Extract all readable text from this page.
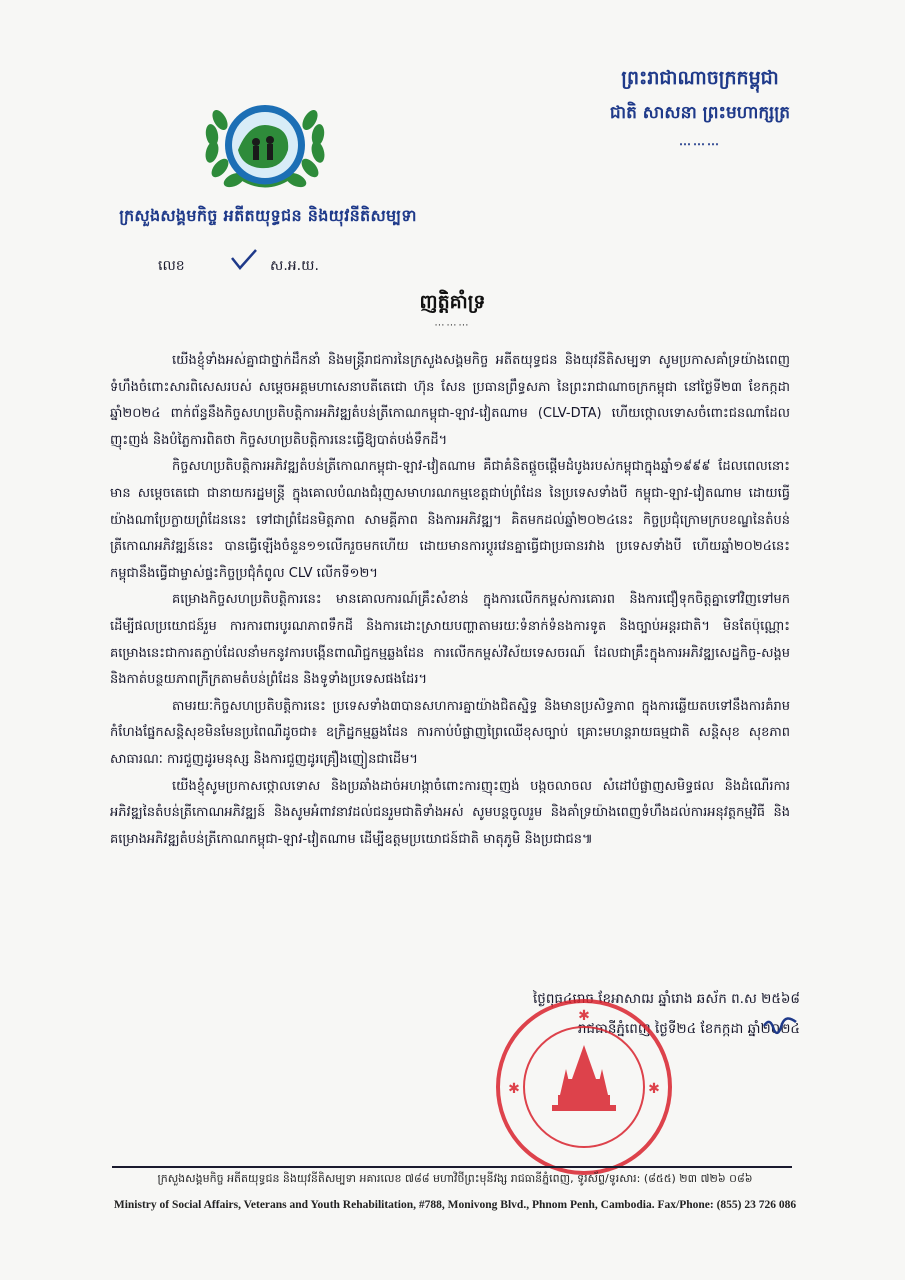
ក្រសួងសង្គមកិច្ច អតីតយុទ្ធជន និងយុវនីតិសម្បទា
ព្រះរាជាណាចក្រកម្ពុជា
ជាតិ សាសនា ព្រះមហាក្សត្រ
⋯⋯⋯
លេខ	ស.អ.យ.
ញត្តិគាំទ្រ
⋯⋯⋯

យើងខ្ញុំទាំងអស់គ្នាជាថ្នាក់ដឹកនាំ និងមន្ត្រីរាជការនៃក្រសួងសង្គមកិច្ច អតីតយុទ្ធជន និងយុវនីតិសម្បទា សូមប្រកាសគាំទ្រយ៉ាងពេញទំហឹងចំពោះសារពិសេសរបស់ សម្តេចអគ្គមហាសេនាបតីតេជោ ហ៊ុន សែន ប្រធានព្រឹទ្ធសភា នៃព្រះរាជាណាចក្រកម្ពុជា នៅថ្ងៃទី២៣ ខែកក្កដា ឆ្នាំ២០២៤ ពាក់ព័ន្ធនឹងកិច្ចសហប្រតិបត្តិការអភិវឌ្ឍតំបន់ត្រីកោណកម្ពុជា-ឡាវ-វៀតណាម (CLV-DTA) ហើយថ្កោលទោសចំពោះជនណាដែលញុះញង់ និងបំភ្លៃការពិតថា កិច្ចសហប្រតិបត្តិការនេះធ្វើឱ្យបាត់បង់ទឹកដី។

កិច្ចសហប្រតិបត្តិការអភិវឌ្ឍតំបន់ត្រីកោណកម្ពុជា-ឡាវ-វៀតណាម គឺជាគំនិតផ្តួចផ្តើមដំបូងរបស់កម្ពុជាក្នុងឆ្នាំ១៩៩៩ ដែលពេលនោះមាន សម្តេចតេជោ ជានាយករដ្ឋមន្ត្រី ក្នុងគោលបំណងជំរុញសមាហរណកម្មខេត្តជាប់ព្រំដែន នៃប្រទេសទាំងបី កម្ពុជា-ឡាវ-វៀតណាម ដោយធ្វើយ៉ាងណាប្រែក្លាយព្រំដែននេះ ទៅជាព្រំដែនមិត្តភាព សាមគ្គីភាព និងការអភិវឌ្ឍ។ គិតមកដល់ឆ្នាំ២០២៤នេះ កិច្ចប្រជុំក្រោមក្របខណ្ឌនៃតំបន់ត្រីកោណអភិវឌ្ឍន៍នេះ បានធ្វើឡើងចំនួន១១លើករួចមកហើយ ដោយមានការប្តូរវេនគ្នាធ្វើជាប្រធានរវាង ប្រទេសទាំងបី ហើយឆ្នាំ២០២៤នេះ កម្ពុជានឹងធ្វើជាម្ចាស់ផ្ទះកិច្ចប្រជុំកំពូល CLV លើកទី១២។

គម្រោងកិច្ចសហប្រតិបត្តិការនេះ មានគោលការណ៍គ្រឹះសំខាន់ ក្នុងការលើកកម្ពស់ការគោរព និងការជឿទុកចិត្តគ្នាទៅវិញទៅមក ដើម្បីផលប្រយោជន៍រួម ការការពារបូរណភាពទឹកដី និងការដោះស្រាយបញ្ហាតាមរយៈទំនាក់ទំនងការទូត និងច្បាប់អន្តរជាតិ។ មិនតែប៉ុណ្ណោះ គម្រោងនេះជាការតភ្ជាប់ដែលនាំមកនូវការបង្កើនពាណិជ្ជកម្មឆ្លងដែន ការលើកកម្ពស់វិស័យទេសចរណ៍ ដែលជាគ្រឹះក្នុងការអភិវឌ្ឍសេដ្ឋកិច្ច-សង្គម និងកាត់បន្ថយភាពក្រីក្រតាមតំបន់ព្រំដែន និងទូទាំងប្រទេសផងដែរ។

តាមរយៈកិច្ចសហប្រតិបត្តិការនេះ ប្រទេសទាំង៣បានសហការគ្នាយ៉ាងជិតស្និទ្ធ និងមានប្រសិទ្ធភាព ក្នុងការឆ្លើយតបទៅនឹងការគំរាមកំហែងផ្នែកសន្តិសុខមិនមែនប្រពៃណីដូចជា៖ ឧក្រិដ្ឋកម្មឆ្លងដែន ការកាប់បំផ្លាញព្រៃឈើខុសច្បាប់ គ្រោះមហន្តរាយធម្មជាតិ សន្តិសុខ សុខភាពសាធារណៈ ការជួញដូរមនុស្ស និងការជួញដូរគ្រឿងញៀនជាដើម។

យើងខ្ញុំសូមប្រកាសថ្កោលទោស និងប្រឆាំងដាច់អហង្កាចំពោះការញុះញង់ បង្កចលាចល សំដៅបំផ្លាញសមិទ្ធផល និងដំណើរការអភិវឌ្ឍនៃតំបន់ត្រីកោណអភិវឌ្ឍន៍ និងសូមអំពាវនាវដល់ជនរួមជាតិទាំងអស់ សូមបន្តចូលរួម និងគាំទ្រយ៉ាងពេញទំហឹងដល់ការអនុវត្តកម្មវិធី និងគម្រោងអភិវឌ្ឍតំបន់ត្រីកោណកម្ពុជា-ឡាវ-វៀតណាម ដើម្បីឧត្តមប្រយោជន៍ជាតិ មាតុភូមិ និងប្រជាជន៕

ថ្ងៃពុធ៤រោច ខែអាសាឍ ឆ្នាំរោង ឆស័ក ព.ស ២៥៦៨
រាជធានីភ្នំពេញ ថ្ងៃទី២៤ ខែកក្កដា ឆ្នាំ២០២៤
✱
✱	✱
ក្រសួងសង្គមកិច្ច អតីតយុទ្ធជន និងយុវនីតិសម្បទា អគារលេខ ៧៨៨ មហាវិថីព្រះមុនីវង្ស រាជធានីភ្នំពេញ, ទូរស័ព្ទ/ទូរសារ: (៨៥៥) ២៣ ៧២៦ ០៨៦
Ministry of Social Affairs, Veterans and Youth Rehabilitation, #788, Monivong Blvd., Phnom Penh, Cambodia. Fax/Phone: (855) 23 726 086
